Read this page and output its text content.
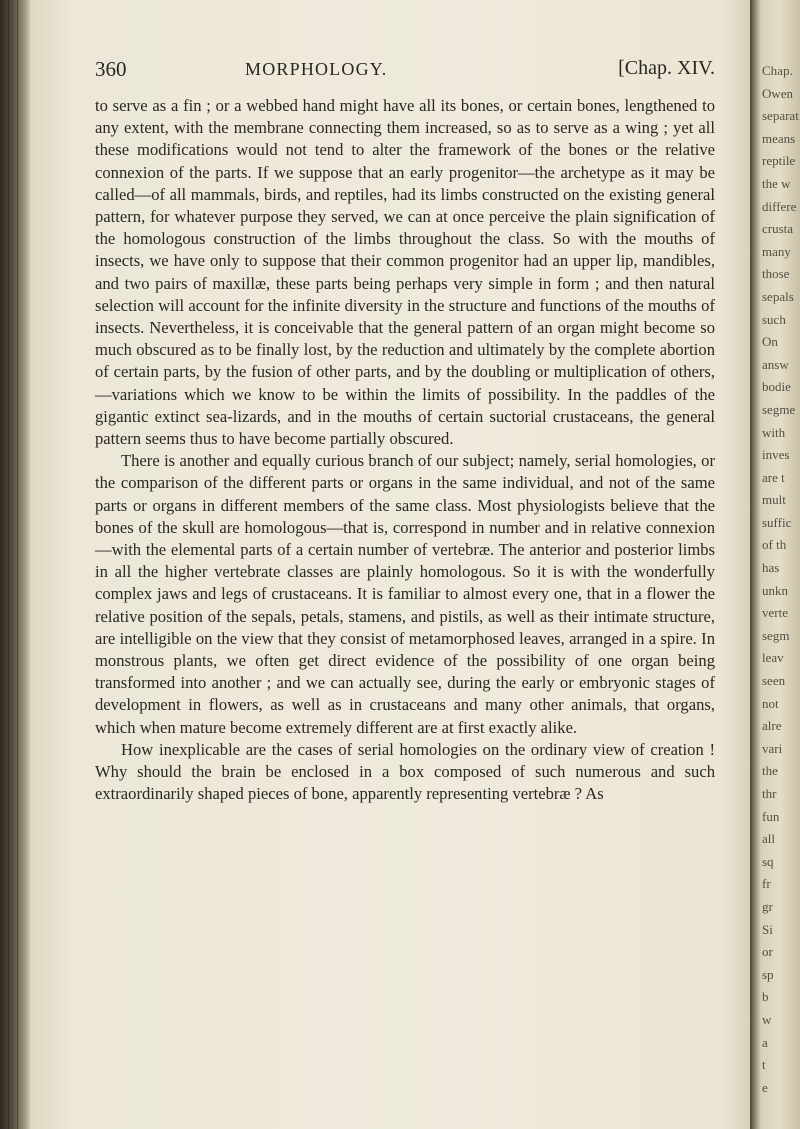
Chap.
Owen
separat
means
reptile
the w
differe
crusta
many
those
sepals
such
On
answ
bodie
segme
with
inves
are t
mult
suffic
of th
has
unkn
verte
segm
leav
seen
not
alre
vari
the
thr
fun
all
sq
fr
gr
Si
or
sp
b
w
a
t
e
360	MORPHOLOGY.	[Chap. XIV.

to serve as a fin ; or a webbed hand might have all its bones, or certain bones, lengthened to any extent, with the membrane connecting them increased, so as to serve as a wing ; yet all these modifications would not tend to alter the framework of the bones or the relative connexion of the parts. If we suppose that an early progenitor—the archetype as it may be called—of all mammals, birds, and reptiles, had its limbs constructed on the existing general pattern, for whatever purpose they served, we can at once perceive the plain signification of the homologous construction of the limbs throughout the class. So with the mouths of insects, we have only to suppose that their common progenitor had an upper lip, mandibles, and two pairs of maxillæ, these parts being perhaps very simple in form ; and then natural selection will account for the infinite diversity in the structure and functions of the mouths of insects. Nevertheless, it is conceivable that the general pattern of an organ might become so much obscured as to be finally lost, by the reduction and ultimately by the complete abortion of certain parts, by the fusion of other parts, and by the doubling or multiplication of others,—variations which we know to be within the limits of possibility. In the paddles of the gigantic extinct sea-lizards, and in the mouths of certain suctorial crustaceans, the general pattern seems thus to have become partially obscured.

There is another and equally curious branch of our subject; namely, serial homologies, or the comparison of the different parts or organs in the same individual, and not of the same parts or organs in different members of the same class. Most physiologists believe that the bones of the skull are homologous—that is, correspond in number and in relative connexion—with the elemental parts of a certain number of vertebræ. The anterior and posterior limbs in all the higher vertebrate classes are plainly homologous. So it is with the wonderfully complex jaws and legs of crustaceans. It is familiar to almost every one, that in a flower the relative position of the sepals, petals, stamens, and pistils, as well as their intimate structure, are intelligible on the view that they consist of metamorphosed leaves, arranged in a spire. In monstrous plants, we often get direct evidence of the possibility of one organ being transformed into another ; and we can actually see, during the early or embryonic stages of development in flowers, as well as in crustaceans and many other animals, that organs, which when mature become extremely different are at first exactly alike.

How inexplicable are the cases of serial homologies on the ordinary view of creation ! Why should the brain be enclosed in a box composed of such numerous and such extraordinarily shaped pieces of bone, apparently representing vertebræ ? As
